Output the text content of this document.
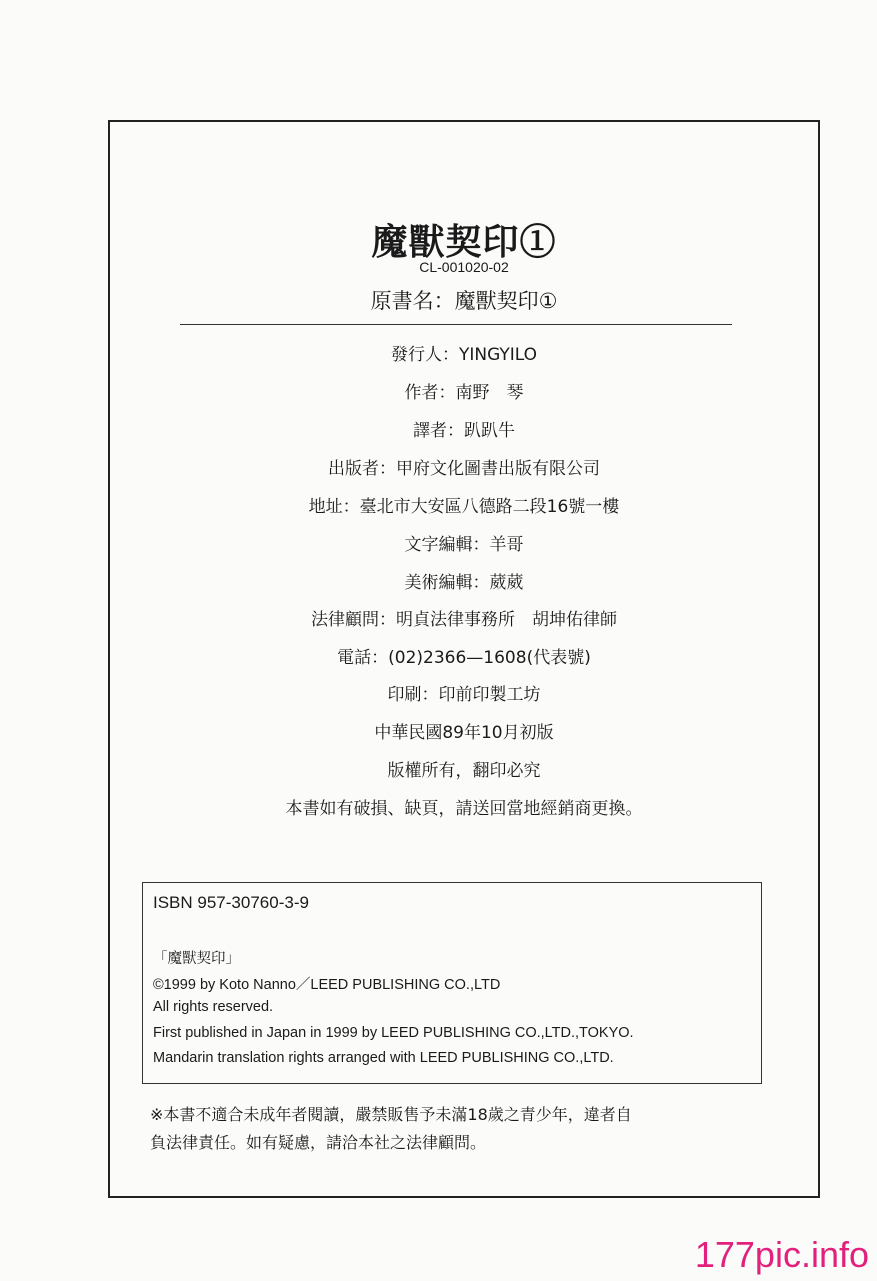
魔獸契印①
CL-001020-02
原書名：魔獸契印①
發行人：YINGYILO
作者：南野　琴
譯者：趴趴牛
出版者：甲府文化圖書出版有限公司
地址：臺北市大安區八德路二段16號一樓
文字編輯：羊哥
美術編輯：葳葳
法律顧問：明貞法律事務所　胡坤佑律師
電話：(02)2366—1608(代表號)
印刷：印前印製工坊
中華民國89年10月初版
版權所有，翻印必究
本書如有破損、缺頁，請送回當地經銷商更換。
ISBN 957-30760-3-9
「魔獸契印」
©1999 by Koto Nanno／LEED PUBLISHING CO.,LTD
All rights reserved.
First published in Japan in 1999 by LEED PUBLISHING CO.,LTD.,TOKYO.
Mandarin translation rights arranged with LEED PUBLISHING CO.,LTD.
※本書不適合未成年者閱讀，嚴禁販售予未滿18歲之青少年，違者自
負法律責任。如有疑慮，請洽本社之法律顧問。
177pic.info
